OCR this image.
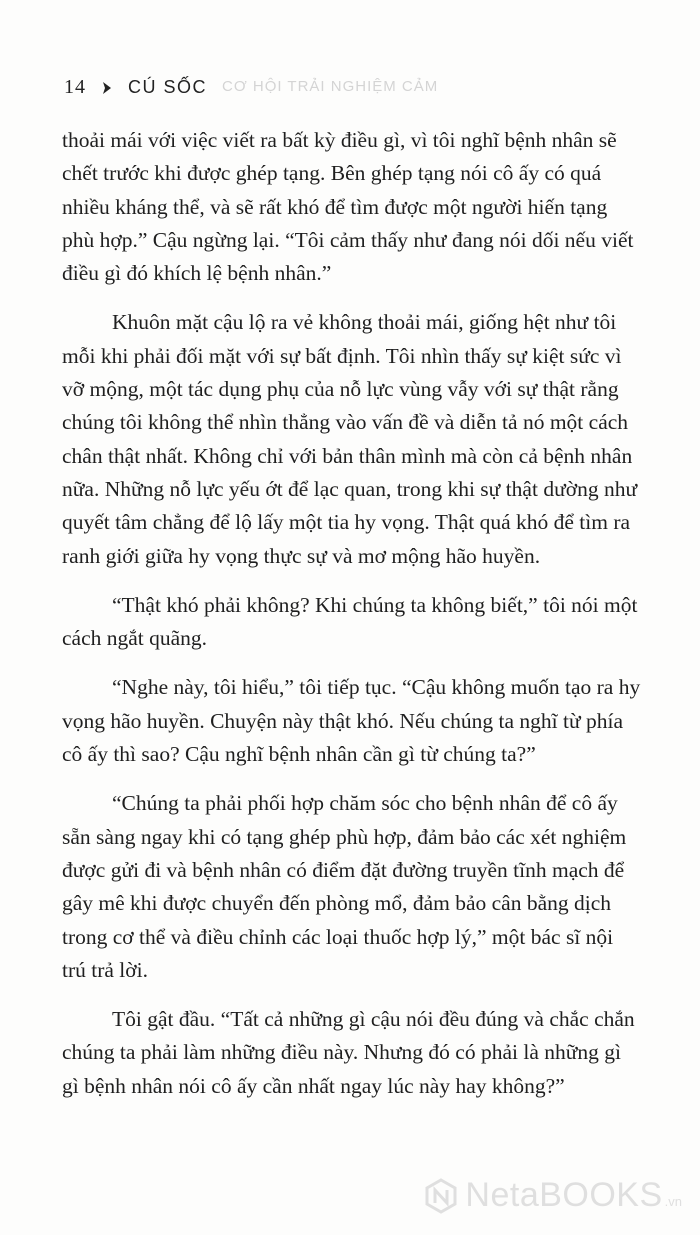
CƠ HỘI TRẢI NGHIỆM CẢM
14 CÚ SỐC

thoải mái với việc viết ra bất kỳ điều gì, vì tôi nghĩ bệnh nhân sẽ chết trước khi được ghép tạng. Bên ghép tạng nói cô ấy có quá nhiều kháng thể, và sẽ rất khó để tìm được một người hiến tạng phù hợp.” Cậu ngừng lại. “Tôi cảm thấy như đang nói dối nếu viết điều gì đó khích lệ bệnh nhân.”

Khuôn mặt cậu lộ ra vẻ không thoải mái, giống hệt như tôi mỗi khi phải đối mặt với sự bất định. Tôi nhìn thấy sự kiệt sức vì vỡ mộng, một tác dụng phụ của nỗ lực vùng vẫy với sự thật rằng chúng tôi không thể nhìn thẳng vào vấn đề và diễn tả nó một cách chân thật nhất. Không chỉ với bản thân mình mà còn cả bệnh nhân nữa. Những nỗ lực yếu ớt để lạc quan, trong khi sự thật dường như quyết tâm chẳng để lộ lấy một tia hy vọng. Thật quá khó để tìm ra ranh giới giữa hy vọng thực sự và mơ mộng hão huyền.

“Thật khó phải không? Khi chúng ta không biết,” tôi nói một cách ngắt quãng.

“Nghe này, tôi hiểu,” tôi tiếp tục. “Cậu không muốn tạo ra hy vọng hão huyền. Chuyện này thật khó. Nếu chúng ta nghĩ từ phía cô ấy thì sao? Cậu nghĩ bệnh nhân cần gì từ chúng ta?”

“Chúng ta phải phối hợp chăm sóc cho bệnh nhân để cô ấy sẵn sàng ngay khi có tạng ghép phù hợp, đảm bảo các xét nghiệm được gửi đi và bệnh nhân có điểm đặt đường truyền tĩnh mạch để gây mê khi được chuyển đến phòng mổ, đảm bảo cân bằng dịch trong cơ thể và điều chỉnh các loại thuốc hợp lý,” một bác sĩ nội trú trả lời.

Tôi gật đầu. “Tất cả những gì cậu nói đều đúng và chắc chắn chúng ta phải làm những điều này. Nhưng đó có phải là những gì gì bệnh nhân nói cô ấy cần nhất ngay lúc này hay không?”

NetaBOOKS .vn
